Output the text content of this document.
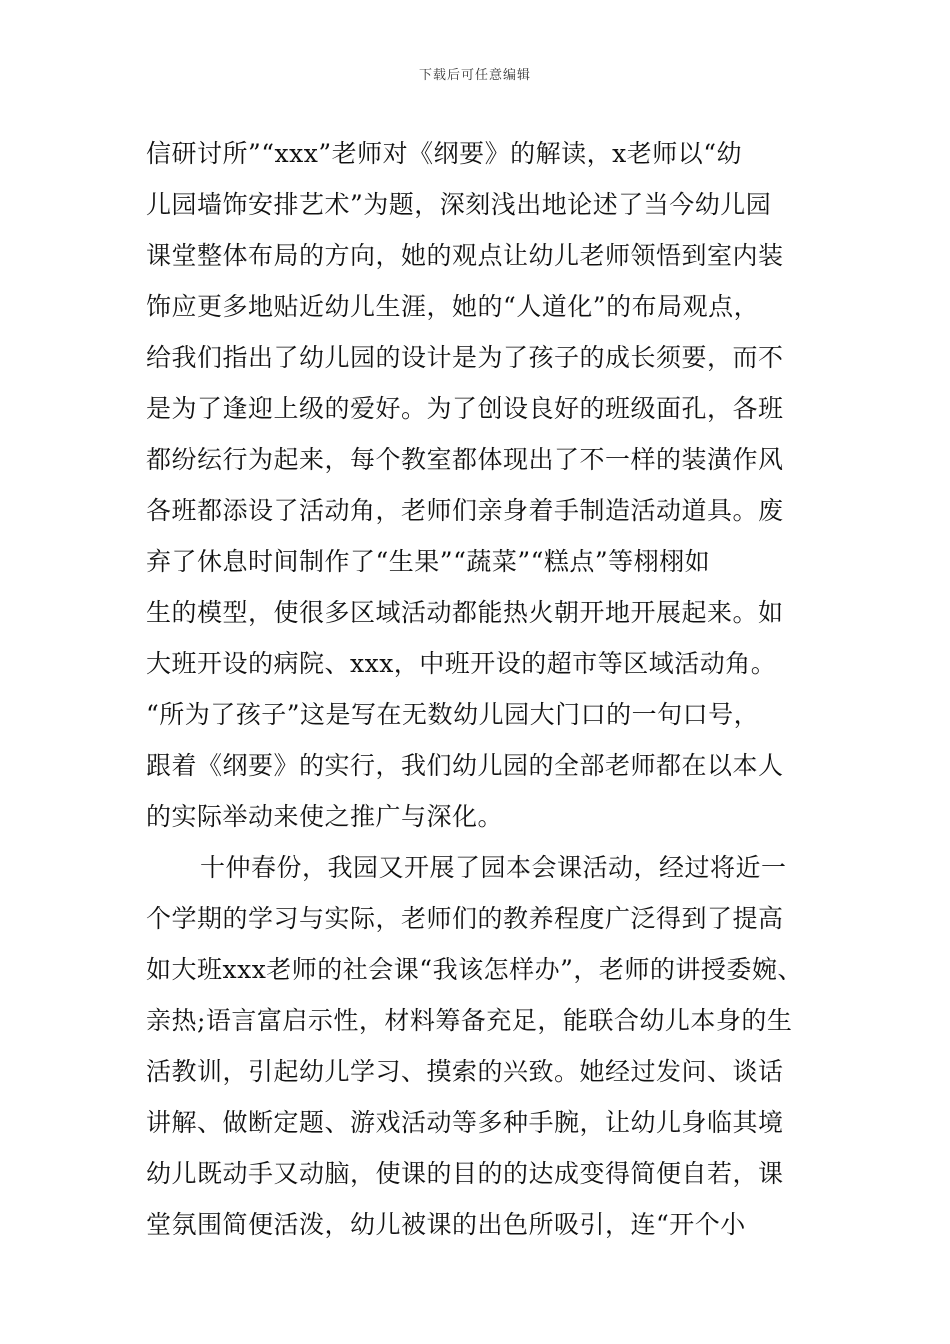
下载后可任意编辑
信研讨所”“xxx”老师对《纲要》的解读，x老师以“幼
儿园墙饰安排艺术”为题，深刻浅出地论述了当今幼儿园
课堂整体布局的方向，她的观点让幼儿老师领悟到室内装
饰应更多地贴近幼儿生涯，她的“人道化”的布局观点，
给我们指出了幼儿园的设计是为了孩子的成长须要，而不
是为了逢迎上级的爱好。为了创设良好的班级面孔，各班
都纷纭行为起来，每个教室都体现出了不一样的装潢作风
各班都添设了活动角，老师们亲身着手制造活动道具。废
弃了休息时间制作了“生果”“蔬菜”“糕点”等栩栩如
生的模型，使很多区域活动都能热火朝开地开展起来。如
大班开设的病院、xxx，中班开设的超市等区域活动角。
“所为了孩子”这是写在无数幼儿园大门口的一句口号，
跟着《纲要》的实行，我们幼儿园的全部老师都在以本人
的实际举动来使之推广与深化。
十仲春份，我园又开展了园本会课活动，经过将近一
个学期的学习与实际，老师们的教养程度广泛得到了提高
如大班xxx老师的社会课“我该怎样办”，老师的讲授委婉、
亲热;语言富启示性，材料筹备充足，能联合幼儿本身的生
活教训，引起幼儿学习、摸索的兴致。她经过发问、谈话
讲解、做断定题、游戏活动等多种手腕，让幼儿身临其境
幼儿既动手又动脑，使课的目的的达成变得简便自若，课
堂氛围简便活泼，幼儿被课的出色所吸引，连“开个小
